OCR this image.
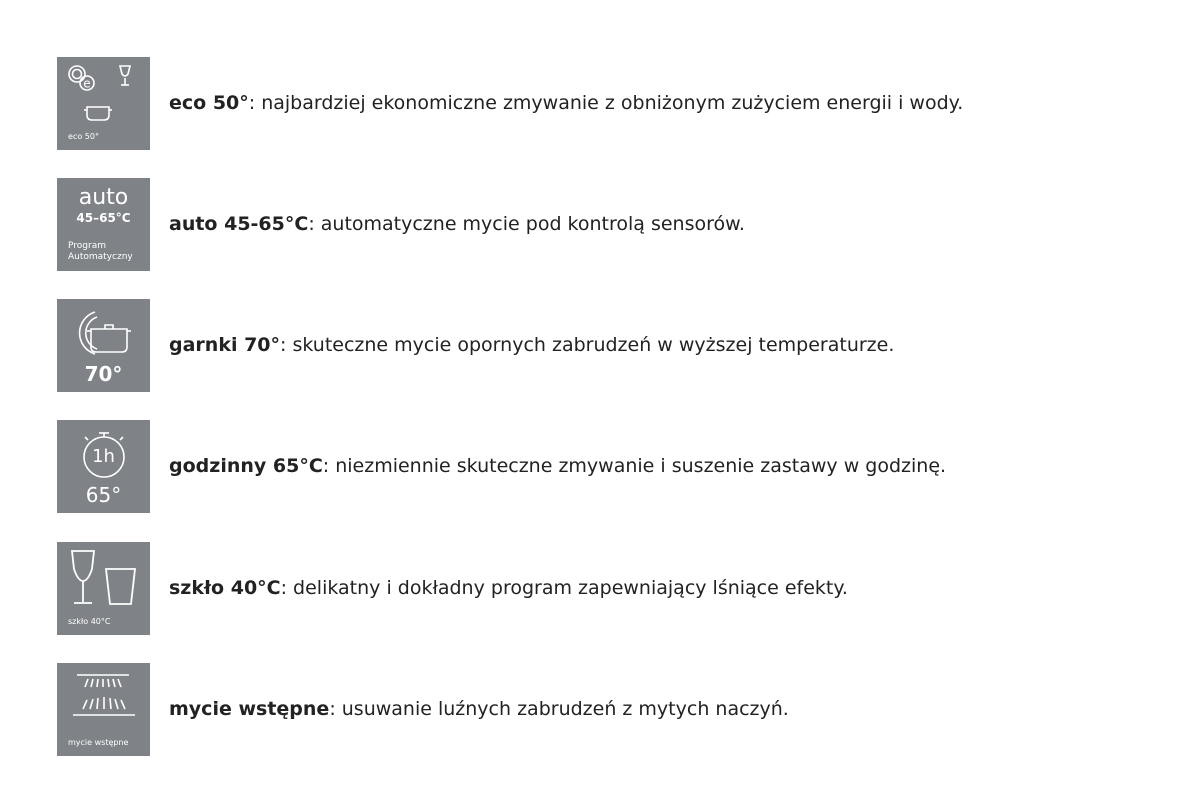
e
eco 50°
eco 50°: najbardziej ekonomiczne zmywanie z obniżonym zużyciem energii i wody.
auto
45–65°C
Program
Automatyczny
auto 45-65°C: automatyczne mycie pod kontrolą sensorów.
70°
garnki 70°: skuteczne mycie opornych zabrudzeń w wyższej temperaturze.
1h
65°
godzinny 65°C: niezmiennie skuteczne zmywanie i suszenie zastawy w godzinę.
szkło 40°C
szkło 40°C: delikatny i dokładny program zapewniający lśniące efekty.
mycie wstępne
mycie wstępne: usuwanie luźnych zabrudzeń z mytych naczyń.
